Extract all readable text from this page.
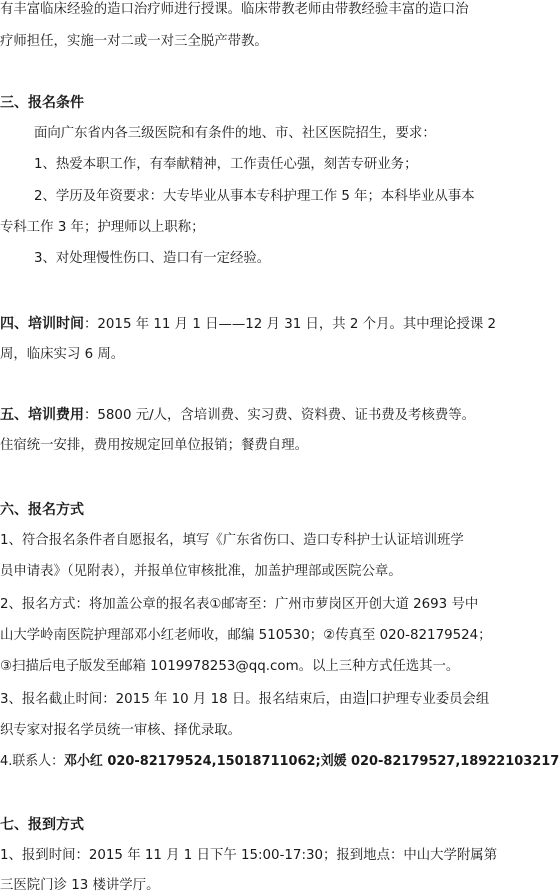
有丰富临床经验的造口治疗师进行授课。临床带教老师由带教经验丰富的造口治
疗师担任，实施一对二或一对三全脱产带教。
三、报名条件
面向广东省内各三级医院和有条件的地、市、社区医院招生，要求：
1、热爱本职工作，有奉献精神，工作责任心强，刻苦专研业务；
2、学历及年资要求：大专毕业从事本专科护理工作 5 年；本科毕业从事本
专科工作 3 年；护理师以上职称；
3、对处理慢性伤口、造口有一定经验。
四、培训时间：2015 年 11 月 1 日——12 月 31 日，共 2 个月。其中理论授课 2
周，临床实习 6 周。
五、培训费用：5800 元/人，含培训费、实习费、资料费、证书费及考核费等。
住宿统一安排，费用按规定回单位报销；餐费自理。
六、报名方式
1、符合报名条件者自愿报名，填写《广东省伤口、造口专科护士认证培训班学
员申请表》（见附表），并报单位审核批准，加盖护理部或医院公章。
2、报名方式：将加盖公章的报名表①邮寄至：广州市萝岗区开创大道 2693 号中
山大学岭南医院护理部邓小红老师收，邮编 510530；②传真至 020-82179524；
③扫描后电子版发至邮箱 1019978253@qq.com。以上三种方式任选其一。
3、报名截止时间：2015 年 10 月 18 日。报名结束后，由造 口护理专业委员会组
织专家对报名学员统一审核、择优录取。
4.联系人：邓小红 020-82179524,15018711062;刘媛 020-82179527,18922103217
七、报到方式
1、报到时间：2015 年 11 月 1 日下午 15:00-17:30；报到地点：中山大学附属第
三医院门诊 13 楼讲学厅。
